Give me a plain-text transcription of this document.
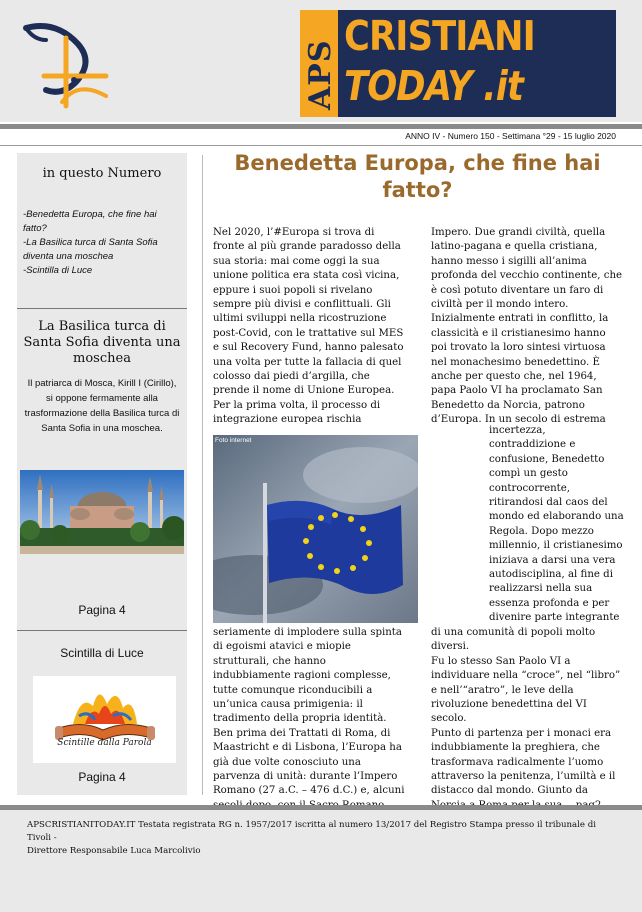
APS
CRISTIANI
TODAY .it
ANNO IV - Numero 150 - Settimana °29 - 15 luglio 2020
in questo Numero
-Benedetta Europa, che fine hai
fatto?
-La Basilica turca di Santa Sofia
diventa una moschea
-Scintilla di Luce
La Basilica turca di Santa Sofia diventa una moschea
Il patriarca di Mosca, Kirill I (Cirillo), si oppone fermamente alla trasformazione della Basilica turca di Santa Sofia in una moschea.
Pagina 4
Scintilla di Luce
Scintille dalla Parola
Pagina 4
Benedetta Europa, che fine hai fatto?

Nel 2020, l’#Europa si trova di

fronte al più grande paradosso della

sua storia: mai come oggi la sua

unione politica era stata così vicina,

eppure i suoi popoli si rivelano

sempre più divisi e conflittuali. Gli

ultimi sviluppi nella ricostruzione

post-Covid, con le trattative sul MES

e sul Recovery Fund, hanno palesato

una volta per tutte la fallacia di quel

colosso dai piedi d’argilla, che

prende il nome di Unione Europea.

Per la prima volta, il processo di

integrazione europea rischia

Foto internet

seriamente di implodere sulla spinta

di egoismi atavici e miopie

strutturali, che hanno

indubbiamente ragioni complesse,

tutte comunque riconducibili a

un’unica causa primigenia: il

tradimento della propria identità.

Ben prima dei Trattati di Roma, di

Maastricht e di Lisbona, l’Europa ha

già due volte conosciuto una

parvenza di unità: durante l’Impero

Romano (27 a.C. – 476 d.C.) e, alcuni

Impero. Due grandi civiltà, quella

latino-pagana e quella cristiana,

hanno messo i sigilli all’anima

profonda del vecchio continente, che

è così potuto diventare un faro di

civiltà per il mondo intero.

Inizialmente entrati in conflitto, la

classicità e il cristianesimo hanno

poi trovato la loro sintesi virtuosa

nel monachesimo benedettino. È

anche per questo che, nel 1964,

papa Paolo VI ha proclamato San

Benedetto da Norcia, patrono

d’Europa. In un secolo di estrema

incertezza,

contraddizione e

confusione, Benedetto

compì un gesto

controcorrente,

ritirandosi dal caos del

mondo ed elaborando una

Regola. Dopo mezzo

millennio, il cristianesimo

iniziava a darsi una vera

autodisciplina, al fine di

realizzarsi nella sua

essenza profonda e per

divenire parte integrante

di una comunità di popoli molto

diversi.

Fu lo stesso San Paolo VI a

individuare nella “croce”, nel “libro”

e nell’“aratro”, le leve della

rivoluzione benedettina del VI

secolo.

Punto di partenza per i monaci era

indubbiamente la preghiera, che

trasformava radicalmente l’uomo

attraverso la penitenza, l’umiltà e il

distacco dal mondo. Giunto da

APSCRISTIANITODAY.IT Testata registrata RG n. 1957/2017 iscritta al numero 13/2017 del Registro Stampa presso il tribunale di Tivoli -
Direttore Responsabile Luca Marcolivio
